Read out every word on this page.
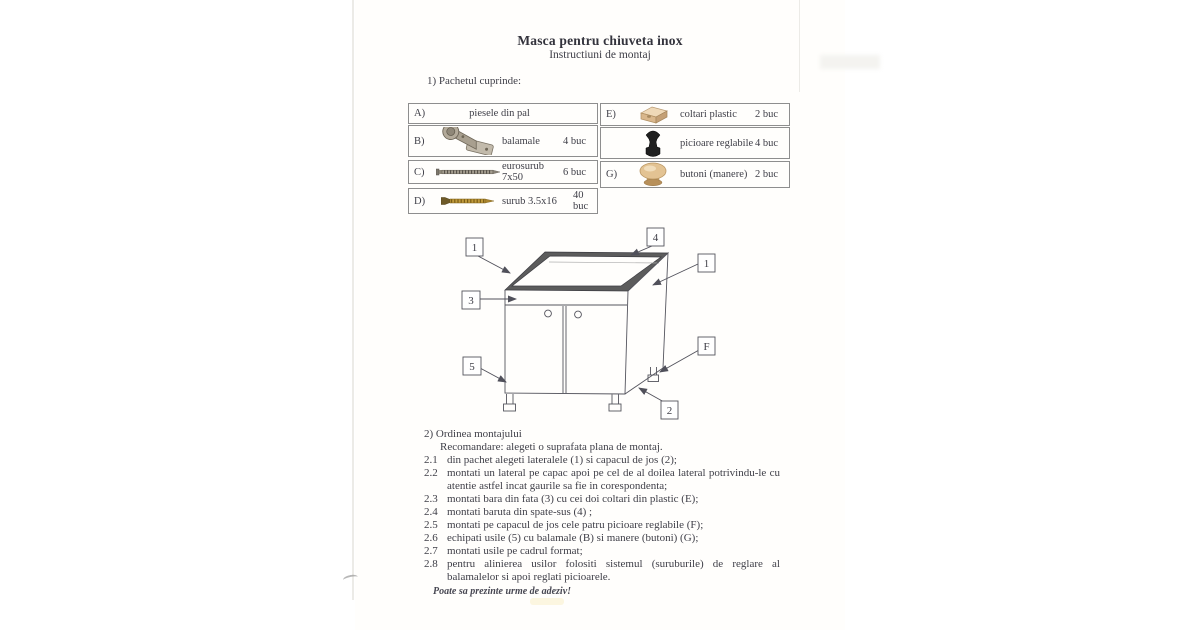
Masca pentru chiuveta inox
Instructiuni de montaj
1) Pachetul cuprinde:
A)	piesele din pal
B)	balamale	4 buc
C)	eurosurub 7x50	6 buc
D)	surub 3.5x16	40 buc
E)	coltari plastic	2 buc
picioare reglabile 4 buc
G)	butoni (manere) 2 buc
1
4
1
3
F
5
2

2) Ordinea montajului

Recomandare: alegeti o suprafata plana de montaj.

2.1 din pachet alegeti lateralele (1) si capacul de jos (2);
2.2 montati un lateral pe capac apoi pe cel de al doilea lateral potrivindu-le cu atentie astfel incat gaurile sa fie in corespondenta;
2.3 montati bara din fata (3) cu cei doi coltari din plastic (E);
2.4 montati baruta din spate-sus (4) ;
2.5 montati pe capacul de jos cele patru picioare reglabile (F);
2.6 echipati usile (5) cu balamale (B) si manere (butoni) (G);
2.7 montati usile pe cadrul format;
2.8 pentru alinierea usilor folositi sistemul (suruburile) de reglare al balamalelor si apoi reglati picioarele.

Poate sa prezinte urme de adeziv!
